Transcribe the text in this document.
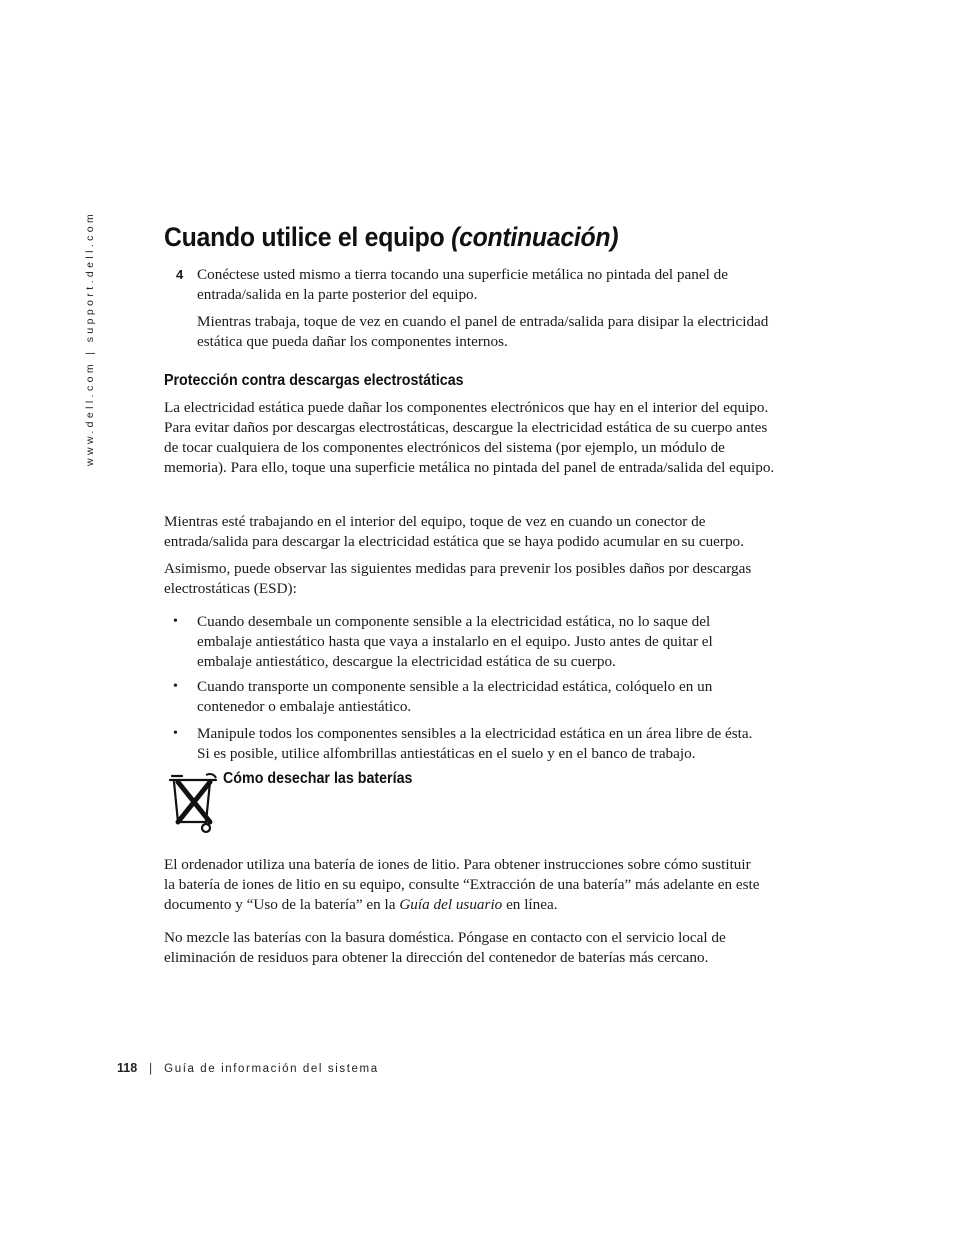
www.dell.com | support.dell.com	Cuando utilice el equipo (continuación)
4 Conéctese usted mismo a tierra tocando una superficie metálica no pintada del panel de entrada/salida en la parte posterior del equipo.

Mientras trabaja, toque de vez en cuando el panel de entrada/salida para disipar la electricidad estática que pueda dañar los componentes internos.

Protección contra descargas electrostáticas

La electricidad estática puede dañar los componentes electrónicos que hay en el interior del equipo. Para evitar daños por descargas electrostáticas, descargue la electricidad estática de su cuerpo antes de tocar cualquiera de los componentes electrónicos del sistema (por ejemplo, un módulo de memoria). Para ello, toque una superficie metálica no pintada del panel de entrada/salida del equipo.

Mientras esté trabajando en el interior del equipo, toque de vez en cuando un conector de entrada/salida para descargar la electricidad estática que se haya podido acumular en su cuerpo.

Asimismo, puede observar las siguientes medidas para prevenir los posibles daños por descargas electrostáticas (ESD):

• Cuando desembale un componente sensible a la electricidad estática, no lo saque del embalaje antiestático hasta que vaya a instalarlo en el equipo. Justo antes de quitar el embalaje antiestático, descargue la electricidad estática de su cuerpo.

• Cuando transporte un componente sensible a la electricidad estática, colóquelo en un contenedor o embalaje antiestático.

• Manipule todos los componentes sensibles a la electricidad estática en un área libre de ésta. Si es posible, utilice alfombrillas antiestáticas en el suelo y en el banco de trabajo.

Cómo desechar las baterías

El ordenador utiliza una batería de iones de litio. Para obtener instrucciones sobre cómo sustituir la batería de iones de litio en su equipo, consulte “Extracción de una batería” más adelante en este documento y “Uso de la batería” en la Guía del usuario en línea.

No mezcle las baterías con la basura doméstica. Póngase en contacto con el servicio local de eliminación de residuos para obtener la dirección del contenedor de baterías más cercano.

118 | Guía de información del sistema
